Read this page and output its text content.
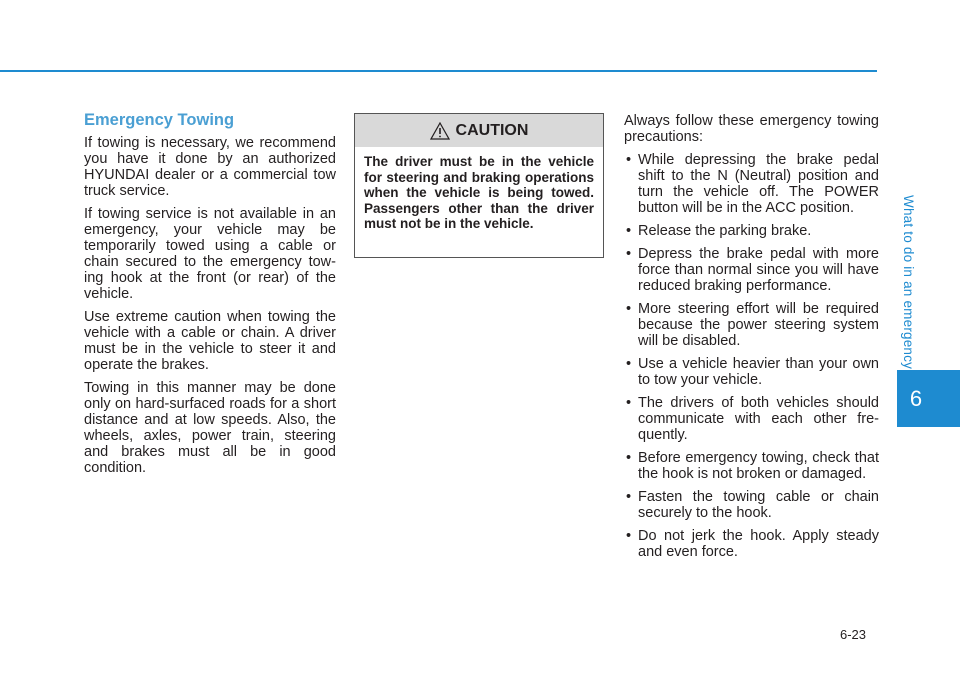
What to do in an emergency
6
Emergency Towing

If towing is necessary, we recommend you have it done by an authorized HYUNDAI dealer or a commercial tow truck service.

If towing service is not available in an emergency, your vehicle may be temporarily towed using a cable or chain secured to the emergency towing hook at the front (or rear) of the vehicle.

Use extreme caution when towing the vehicle with a cable or chain. A driver must be in the vehicle to steer it and operate the brakes.

Towing in this manner may be done only on hard-surfaced roads for a short distance and at low speeds. Also, the wheels, axles, power train, steering and brakes must all be in good condition.

CAUTION
The driver must be in the vehicle for steering and braking operations when the vehicle is being towed. Passengers other than the driver must not be in the vehicle.

Always follow these emergency towing precautions:

• While depressing the brake pedal shift to the N (Neutral) position and turn the vehicle off. The POWER button will be in the ACC position.
• Release the parking brake.
• Depress the brake pedal with more force than normal since you will have reduced braking performance.
• More steering effort will be required because the power steering system will be disabled.
• Use a vehicle heavier than your own to tow your vehicle.
• The drivers of both vehicles should communicate with each other frequently.
• Before emergency towing, check that the hook is not broken or damaged.
• Fasten the towing cable or chain securely to the hook.
• Do not jerk the hook. Apply steady and even force.
6-23
